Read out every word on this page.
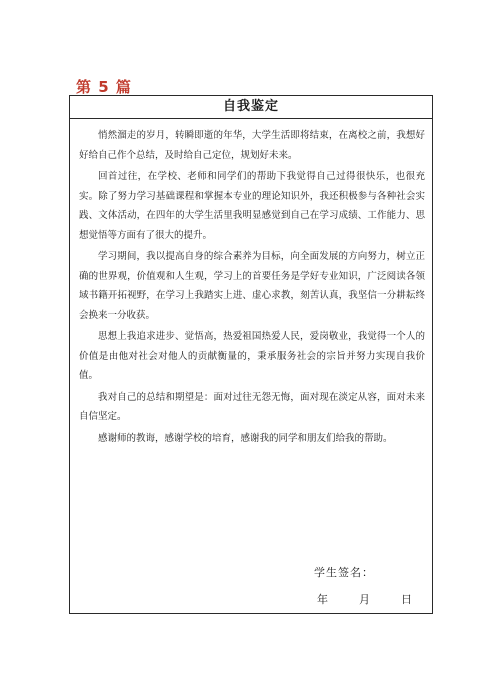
第 5 篇
自我鉴定

悄然溜走的岁月，转瞬即逝的年华，大学生活即将结束，在离校之前，我想好好给自己作个总结，及时给自己定位，规划好未来。

回首过往，在学校、老师和同学们的帮助下我觉得自己过得很快乐，也很充实。除了努力学习基础课程和掌握本专业的理论知识外，我还积极参与各种社会实践、文体活动，在四年的大学生活里我明显感觉到自己在学习成绩、工作能力、思想觉悟等方面有了很大的提升。

学习期间，我以提高自身的综合素养为目标，向全面发展的方向努力，树立正确的世界观，价值观和人生观，学习上的首要任务是学好专业知识，广泛阅读各领域书籍开拓视野，在学习上我踏实上进、虚心求教，刻苦认真，我坚信一分耕耘终会换来一分收获。

思想上我追求进步、觉悟高，热爱祖国热爱人民，爱岗敬业，我觉得一个人的价值是由他对社会对他人的贡献衡量的，秉承服务社会的宗旨并努力实现自我价值。

我对自己的总结和期望是：面对过往无怨无悔，面对现在淡定从容，面对未来自信坚定。

感谢师的教诲，感谢学校的培育，感谢我的同学和朋友们给我的帮助。

学生签名：
年  月  日
